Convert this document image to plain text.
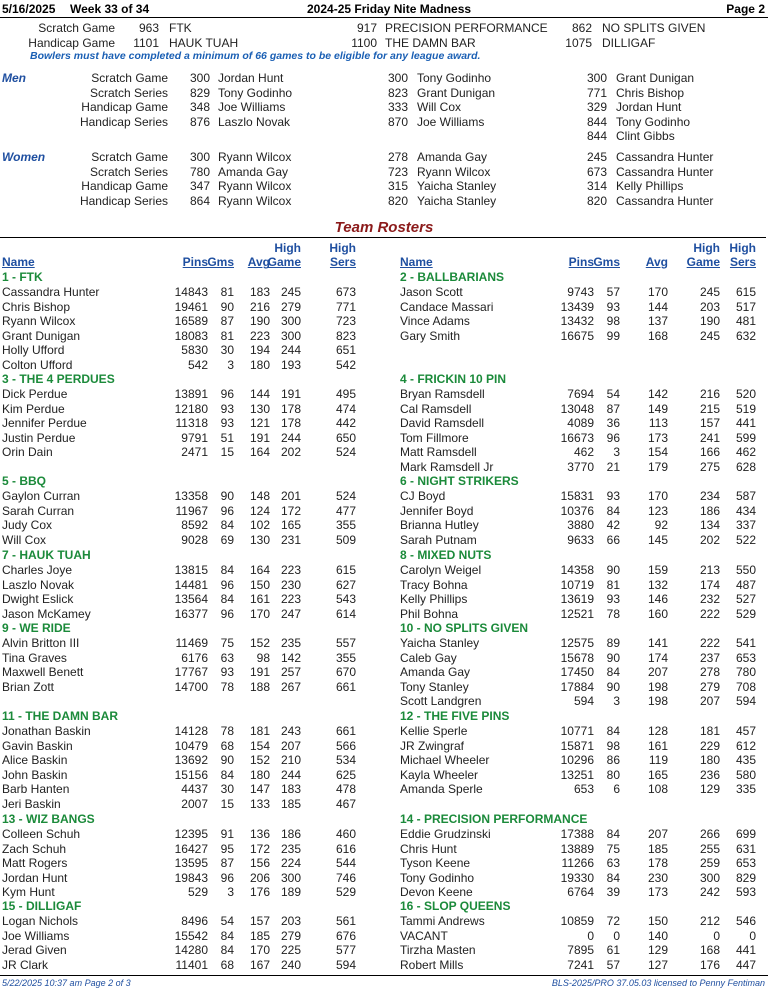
5/16/2025 Week 33 of 34	2024-25 Friday Nite Madness	Page 2
Scratch Game	963 FTK	917 PRECISION PERFORMANCE	862 NO SPLITS GIVEN
Handicap Game	1101 HAUK TUAH	1100 THE DAMN BAR	1075 DILLIGAF
Bowlers must have completed a minimum of 66 games to be eligible for any league award.
Men	Scratch Game	300 Jordan Hunt	300 Tony Godinho	300 Grant Dunigan
Scratch Series	829 Tony Godinho	823 Grant Dunigan	771 Chris Bishop
Handicap Game	348 Joe Williams	333 Will Cox	329 Jordan Hunt
Handicap Series	876 Laszlo Novak	870 Joe Williams	844 Tony Godinho
844 Clint Gibbs
Women	Scratch Game	300 Ryann Wilcox	278 Amanda Gay	245 Cassandra Hunter
Scratch Series	780 Amanda Gay	723 Ryann Wilcox	673 Cassandra Hunter
Handicap Game	347 Ryann Wilcox	315 Yaicha Stanley	314 Kelly Phillips
Handicap Series	864 Ryann Wilcox	820 Yaicha Stanley	820 Cassandra Hunter
Team Rosters
Name	Pins Gms	Avg
High
Game
High
Sers	Name	Pins Gms	Avg
High
Game
High
Sers
1 - FTK
Cassandra Hunter	14843	81	183 245	673
Chris Bishop	19461	90	216 279	771
Ryann Wilcox	16589	87	190 300	723
Grant Dunigan	18083	81	223 300	823
Holly Ufford	5830	30	194 244	651
Colton Ufford	542	3	180 193	542
3 - THE 4 PERDUES
Dick Perdue	13891	96	144 191	495
Kim Perdue	12180	93	130 178	474
Jennifer Perdue	11318	93	121 178	442
Justin Perdue	9791	51	191 244	650
Orin Dain	2471	15	164 202	524
5 - BBQ
Gaylon Curran	13358	90	148 201	524
Sarah Curran	11967	96	124 172	477
Judy Cox	8592	84	102 165	355
Will Cox	9028	69	130 231	509
7 - HAUK TUAH
Charles Joye	13815	84	164 223	615
Laszlo Novak	14481	96	150 230	627
Dwight Eslick	13564	84	161 223	543
Jason McKamey	16377	96	170 247	614
9 - WE RIDE
Alvin Britton III	11469	75	152 235	557
Tina Graves	6176	63	98 142	355
Maxwell Benett	17767	93	191 257	670
Brian Zott	14700	78	188 267	661
11 - THE DAMN BAR
Jonathan Baskin	14128	78	181 243	661
Gavin Baskin	10479	68	154 207	566
Alice Baskin	13692	90	152 210	534
John Baskin	15156	84	180 244	625
Barb Hanten	4437	30	147 183	478
Jeri Baskin	2007	15	133 185	467
13 - WIZ BANGS
Colleen Schuh	12395	91	136 186	460
Zach Schuh	16427	95	172 235	616
Matt Rogers	13595	87	156 224	544
Jordan Hunt	19843	96	206 300	746
Kym Hunt	529	3	176 189	529
15 - DILLIGAF
Logan Nichols	8496	54	157 203	561
Joe Williams	15542	84	185 279	676
Jerad Given	14280	84	170 225	577
JR Clark	11401	68	167 240	594
2 - BALLBARIANS
Jason Scott	9743	57	170	245	615
Candace Massari	13439	93	144	203	517
Vince Adams	13432	98	137	190	481
Gary Smith	16675	99	168	245	632
4 - FRICKIN 10 PIN
Bryan Ramsdell	7694	54	142	216	520
Cal Ramsdell	13048	87	149	215	519
David Ramsdell	4089	36	113	157	441
Tom Fillmore	16673	96	173	241	599
Matt Ramsdell	462	3	154	166	462
Mark Ramsdell Jr	3770	21	179	275	628
6 - NIGHT STRIKERS
CJ Boyd	15831	93	170	234	587
Jennifer Boyd	10376	84	123	186	434
Brianna Hutley	3880	42	92	134	337
Sarah Putnam	9633	66	145	202	522
8 - MIXED NUTS
Carolyn Weigel	14358	90	159	213	550
Tracy Bohna	10719	81	132	174	487
Kelly Phillips	13619	93	146	232	527
Phil Bohna	12521	78	160	222	529
10 - NO SPLITS GIVEN
Yaicha Stanley	12575	89	141	222	541
Caleb Gay	15678	90	174	237	653
Amanda Gay	17450	84	207	278	780
Tony Stanley	17884	90	198	279	708
Scott Landgren	594	3	198	207	594
12 - THE FIVE PINS
Kellie Sperle	10771	84	128	181	457
JR Zwingraf	15871	98	161	229	612
Michael Wheeler	10296	86	119	180	435
Kayla Wheeler	13251	80	165	236	580
Amanda Sperle	653	6	108	129	335
14 - PRECISION PERFORMANCE
Eddie Grudzinski	17388	84	207	266	699
Chris Hunt	13889	75	185	255	631
Tyson Keene	11266	63	178	259	653
Tony Godinho	19330	84	230	300	829
Devon Keene	6764	39	173	242	593
16 - SLOP QUEENS
Tammi Andrews	10859	72	150	212	546
VACANT	0	0	140	0	0
Tirzha Masten	7895	61	129	168	441
Robert Mills	7241	57	127	176	447
5/22/2025 10:37 am Page 2 of 3	BLS-2025/PRO 37.05.03 licensed to Penny Fentiman
